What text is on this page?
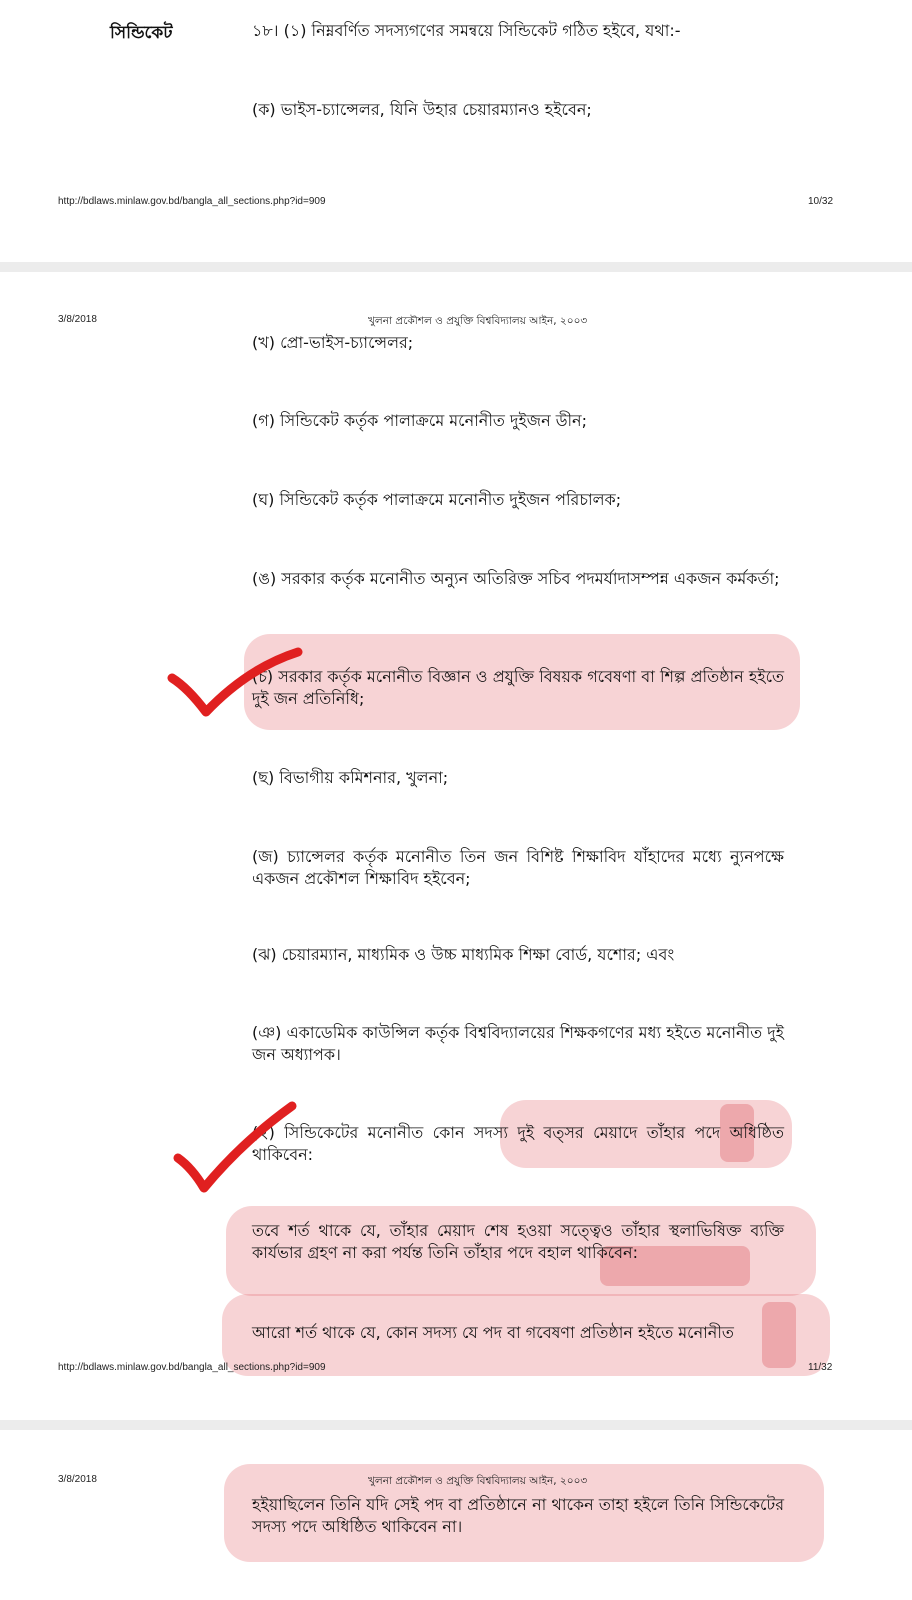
সিন্ডিকেট	১৮। (১) নিম্নবর্ণিত সদস্যগণের সমন্বয়ে সিন্ডিকেট গঠিত হইবে, যথা:-
(ক) ভাইস-চ্যান্সেলর, যিনি উহার চেয়ারম্যানও হইবেন;
http://bdlaws.minlaw.gov.bd/bangla_all_sections.php?id=909	10/32
3/8/2018	খুলনা প্রকৌশল ও প্রযুক্তি বিশ্ববিদ্যালয় আইন, ২০০৩
(খ) প্রো-ভাইস-চ্যান্সেলর;
(গ) সিন্ডিকেট কর্তৃক পালাক্রমে মনোনীত দুইজন ডীন;
(ঘ) সিন্ডিকেট কর্তৃক পালাক্রমে মনোনীত দুইজন পরিচালক;
(ঙ) সরকার কর্তৃক মনোনীত অন্যুন অতিরিক্ত সচিব পদমর্যাদাসম্পন্ন একজন কর্মকর্তা;
(চ) সরকার কর্তৃক মনোনীত বিজ্ঞান ও প্রযুক্তি বিষয়ক গবেষণা বা শিল্প প্রতিষ্ঠান হইতে দুই জন প্রতিনিধি;
(ছ) বিভাগীয় কমিশনার, খুলনা;
(জ) চ্যান্সেলর কর্তৃক মনোনীত তিন জন বিশিষ্ট শিক্ষাবিদ যাঁহাদের মধ্যে ন্যুনপক্ষে একজন প্রকৌশল শিক্ষাবিদ হইবেন;
(ঝ) চেয়ারম্যান, মাধ্যমিক ও উচ্চ মাধ্যমিক শিক্ষা বোর্ড, যশোর; এবং
(ঞ) একাডেমিক কাউন্সিল কর্তৃক বিশ্ববিদ্যালয়ের শিক্ষকগণের মধ্য হইতে মনোনীত দুই জন অধ্যাপক।
(২) সিন্ডিকেটের মনোনীত কোন সদস্য দুই বত্সর মেয়াদে তাঁহার পদে অধিষ্ঠিত থাকিবেন:
তবে শর্ত থাকে যে, তাঁহার মেয়াদ শেষ হওয়া সত্ত্বেও তাঁহার স্থলাভিষিক্ত ব্যক্তি কার্যভার গ্রহণ না করা পর্যন্ত তিনি তাঁহার পদে বহাল থাকিবেন:
আরো শর্ত থাকে যে, কোন সদস্য যে পদ বা গবেষণা প্রতিষ্ঠান হইতে মনোনীত
http://bdlaws.minlaw.gov.bd/bangla_all_sections.php?id=909	11/32
3/8/2018	খুলনা প্রকৌশল ও প্রযুক্তি বিশ্ববিদ্যালয় আইন, ২০০৩
হইয়াছিলেন তিনি যদি সেই পদ বা প্রতিষ্ঠানে না থাকেন তাহা হইলে তিনি সিন্ডিকেটের সদস্য পদে অধিষ্ঠিত থাকিবেন না।
